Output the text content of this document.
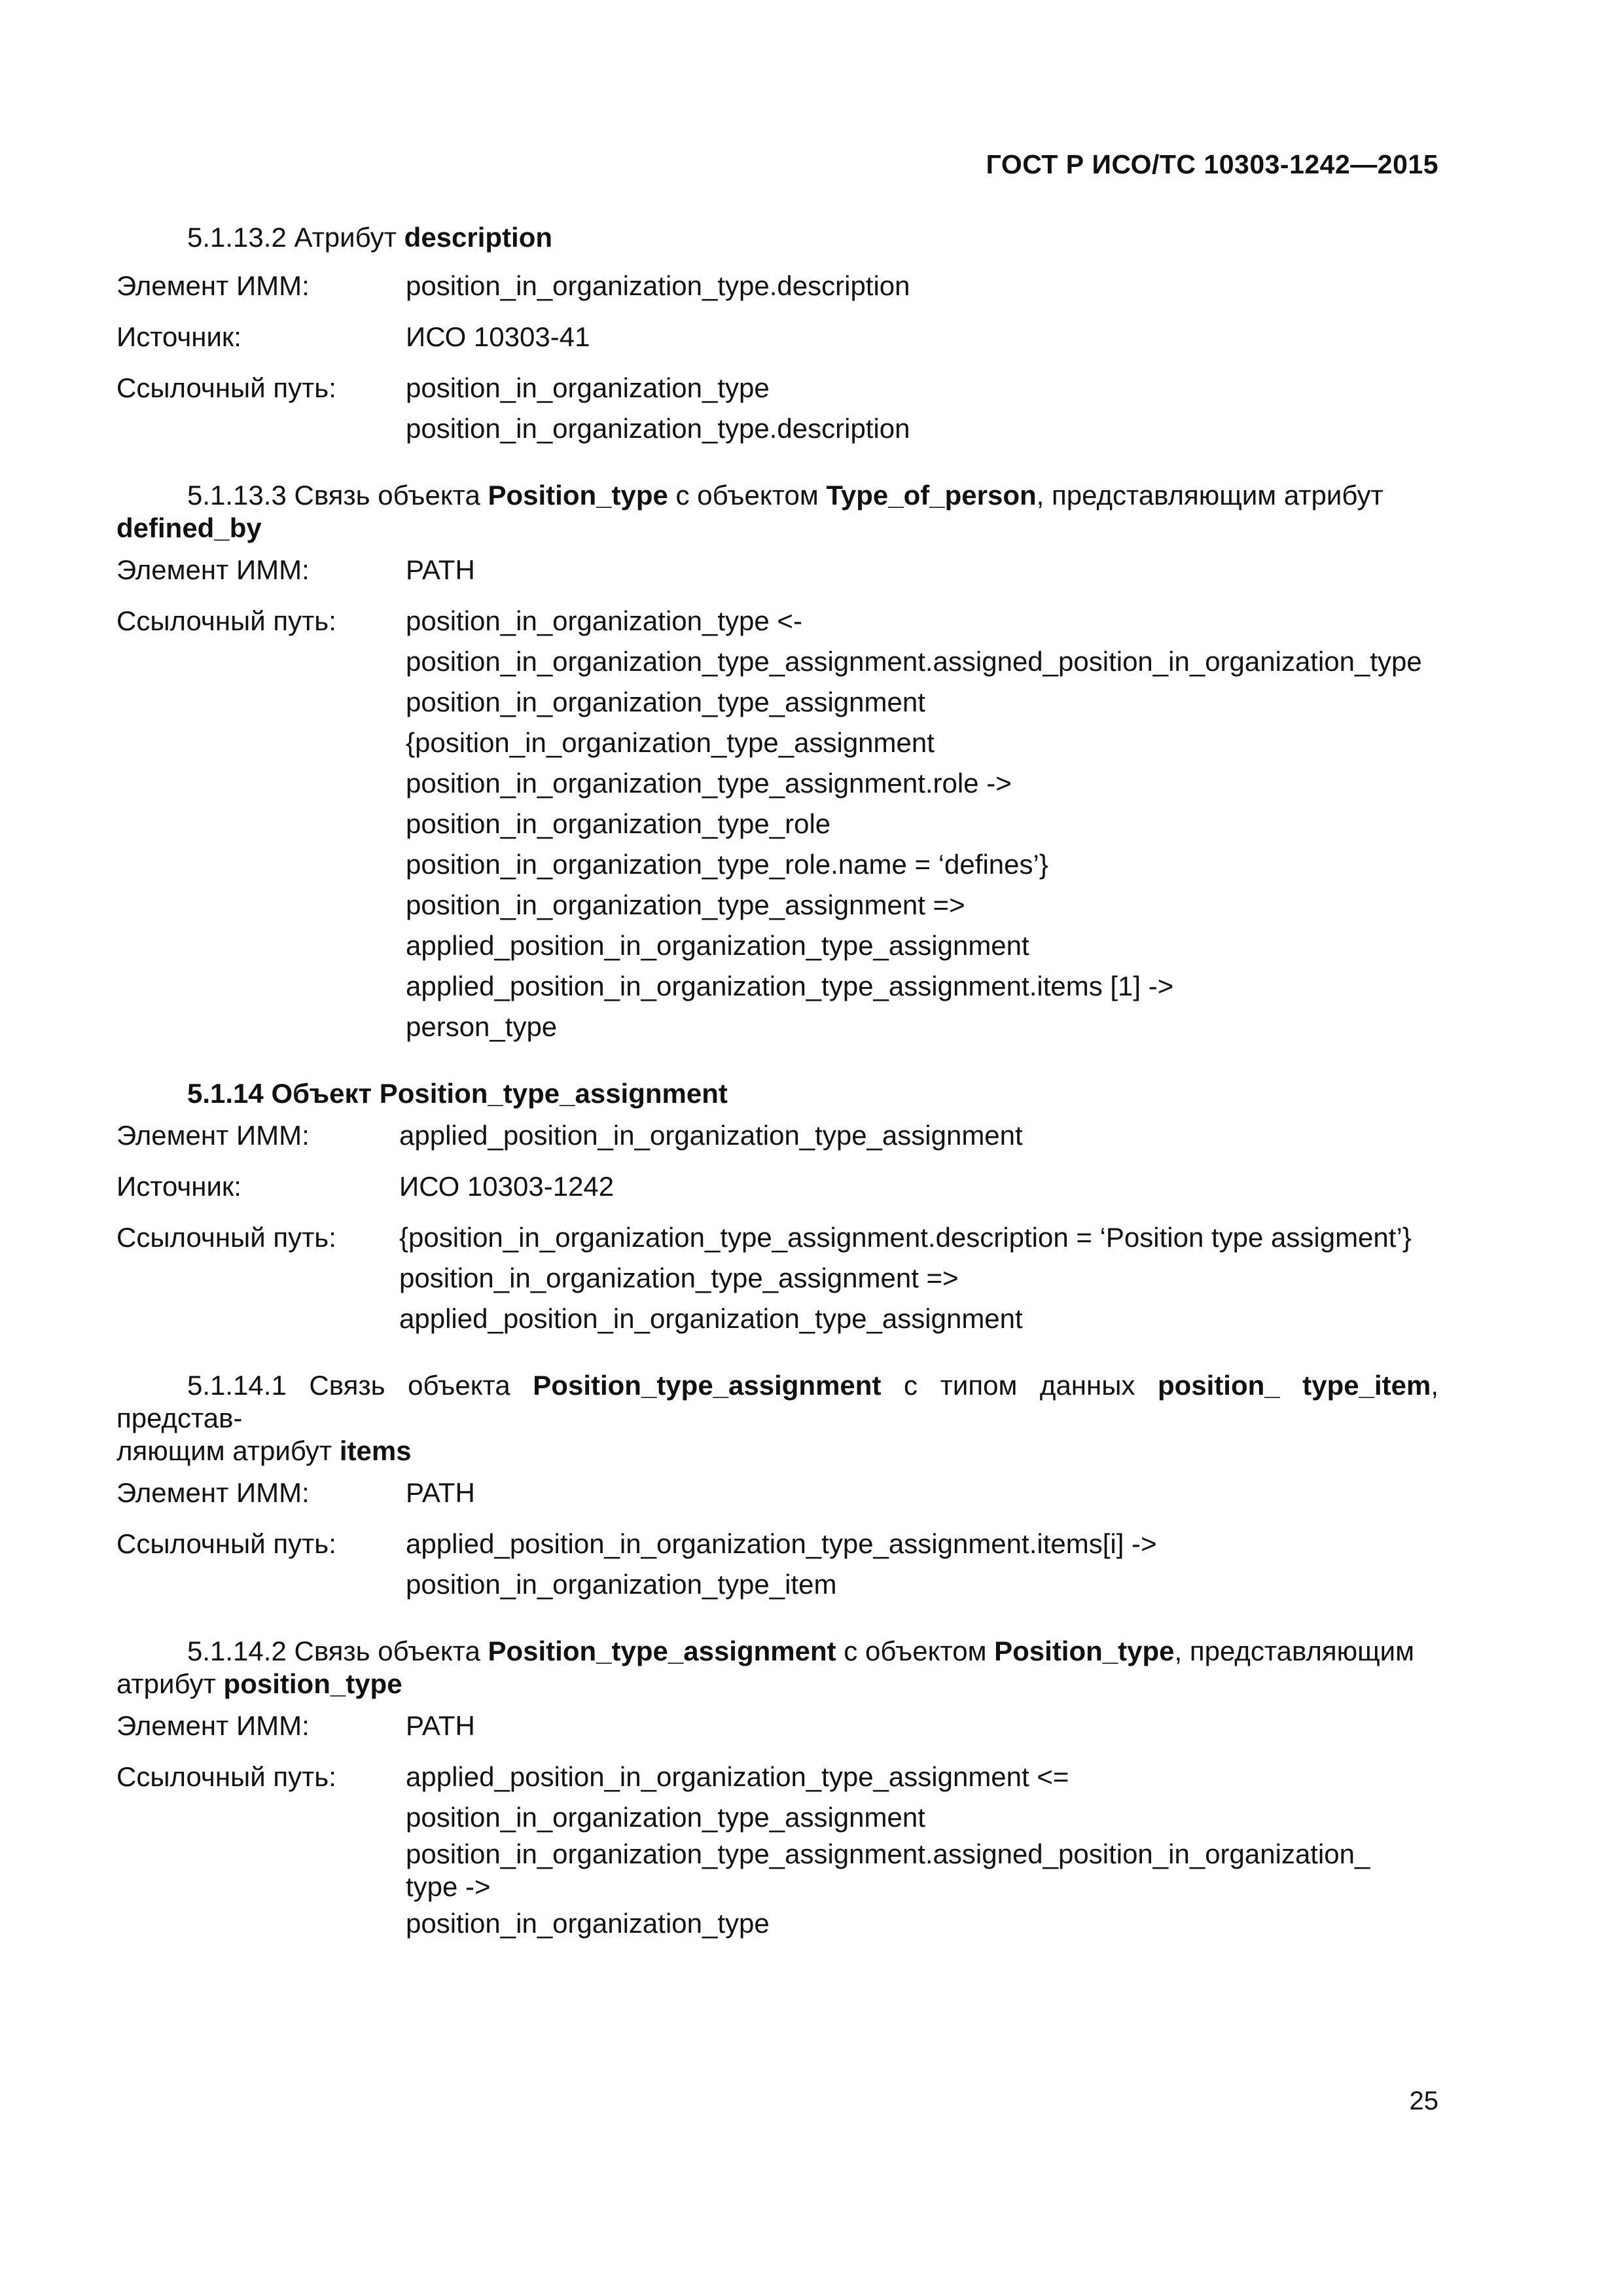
ГОСТ Р ИСО/ТС 10303-1242—2015

5.1.13.2 Атрибут description

Элемент ИММ:	position_in_organization_type.description
Источник:	ИСО 10303-41
Ссылочный путь:	position_in_organization_type
position_in_organization_type.description

5.1.13.3 Связь объекта Position_type с объектом Type_of_person, представляющим атрибут
defined_by

Элемент ИММ:	PATH
Ссылочный путь:	position_in_organization_type <-
position_in_organization_type_assignment.assigned_position_in_organization_type
position_in_organization_type_assignment
{position_in_organization_type_assignment
position_in_organization_type_assignment.role ->
position_in_organization_type_role
position_in_organization_type_role.name = ‘defines’}
position_in_organization_type_assignment =>
applied_position_in_organization_type_assignment
applied_position_in_organization_type_assignment.items [1] ->
person_type

5.1.14 Объект Position_type_assignment

Элемент ИММ:	applied_position_in_organization_type_assignment
Источник:	ИСО 10303-1242
Ссылочный путь:	{position_in_organization_type_assignment.description = ‘Position type assigment’}
position_in_organization_type_assignment =>
applied_position_in_organization_type_assignment

5.1.14.1 Связь объекта Position_type_assignment с типом данных position_ type_item, представ-
ляющим атрибут items

Элемент ИММ:	PATH
Ссылочный путь:	applied_position_in_organization_type_assignment.items[i] ->
position_in_organization_type_item

5.1.14.2 Связь объекта Position_type_assignment с объектом Position_type, представляющим
атрибут position_type

Элемент ИММ:	PATH
Ссылочный путь:	applied_position_in_organization_type_assignment <=
position_in_organization_type_assignment
position_in_organization_type_assignment.assigned_position_in_organization_
type ->
position_in_organization_type
25
